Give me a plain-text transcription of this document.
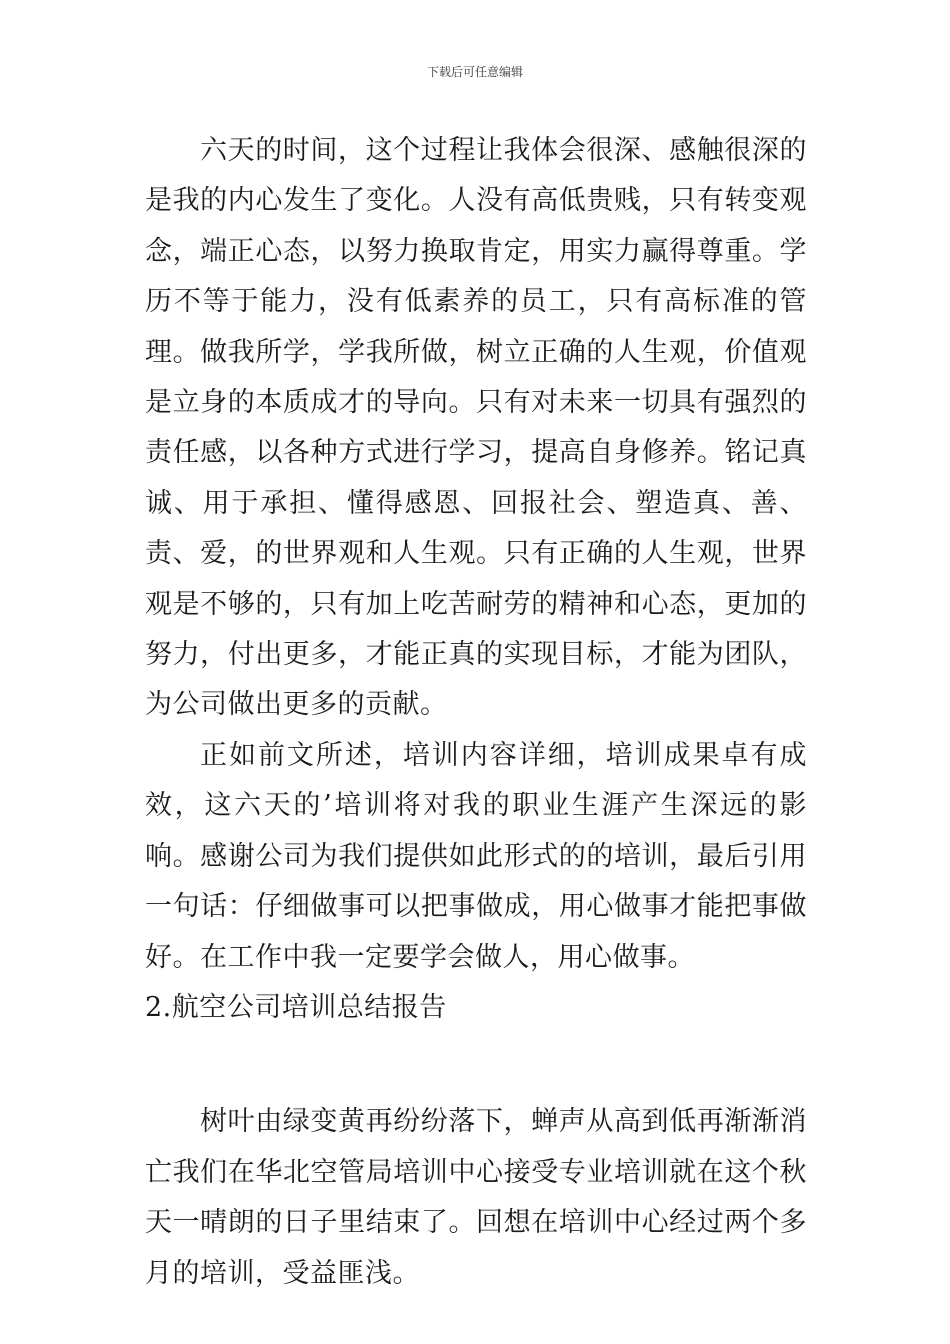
下载后可任意编辑

六天的时间，这个过程让我体会很深、感触很深的是我的内心发生了变化。人没有高低贵贱，只有转变观念，端正心态，以努力换取肯定，用实力赢得尊重。学历不等于能力，没有低素养的员工，只有高标准的管理。做我所学，学我所做，树立正确的人生观，价值观是立身的本质成才的导向。只有对未来一切具有强烈的责任感，以各种方式进行学习，提高自身修养。铭记真诚、用于承担、懂得感恩、回报社会、塑造真、善、责、爱，的世界观和人生观。只有正确的人生观，世界观是不够的，只有加上吃苦耐劳的精神和心态，更加的努力，付出更多，才能正真的实现目标，才能为团队，为公司做出更多的贡献。

正如前文所述，培训内容详细，培训成果卓有成效，这六天的’培训将对我的职业生涯产生深远的影响。感谢公司为我们提供如此形式的的培训，最后引用一句话：仔细做事可以把事做成，用心做事才能把事做好。在工作中我一定要学会做人，用心做事。

2.航空公司培训总结报告

树叶由绿变黄再纷纷落下，蝉声从高到低再渐渐消亡我们在华北空管局培训中心接受专业培训就在这个秋天一晴朗的日子里结束了。回想在培训中心经过两个多月的培训，受益匪浅。
